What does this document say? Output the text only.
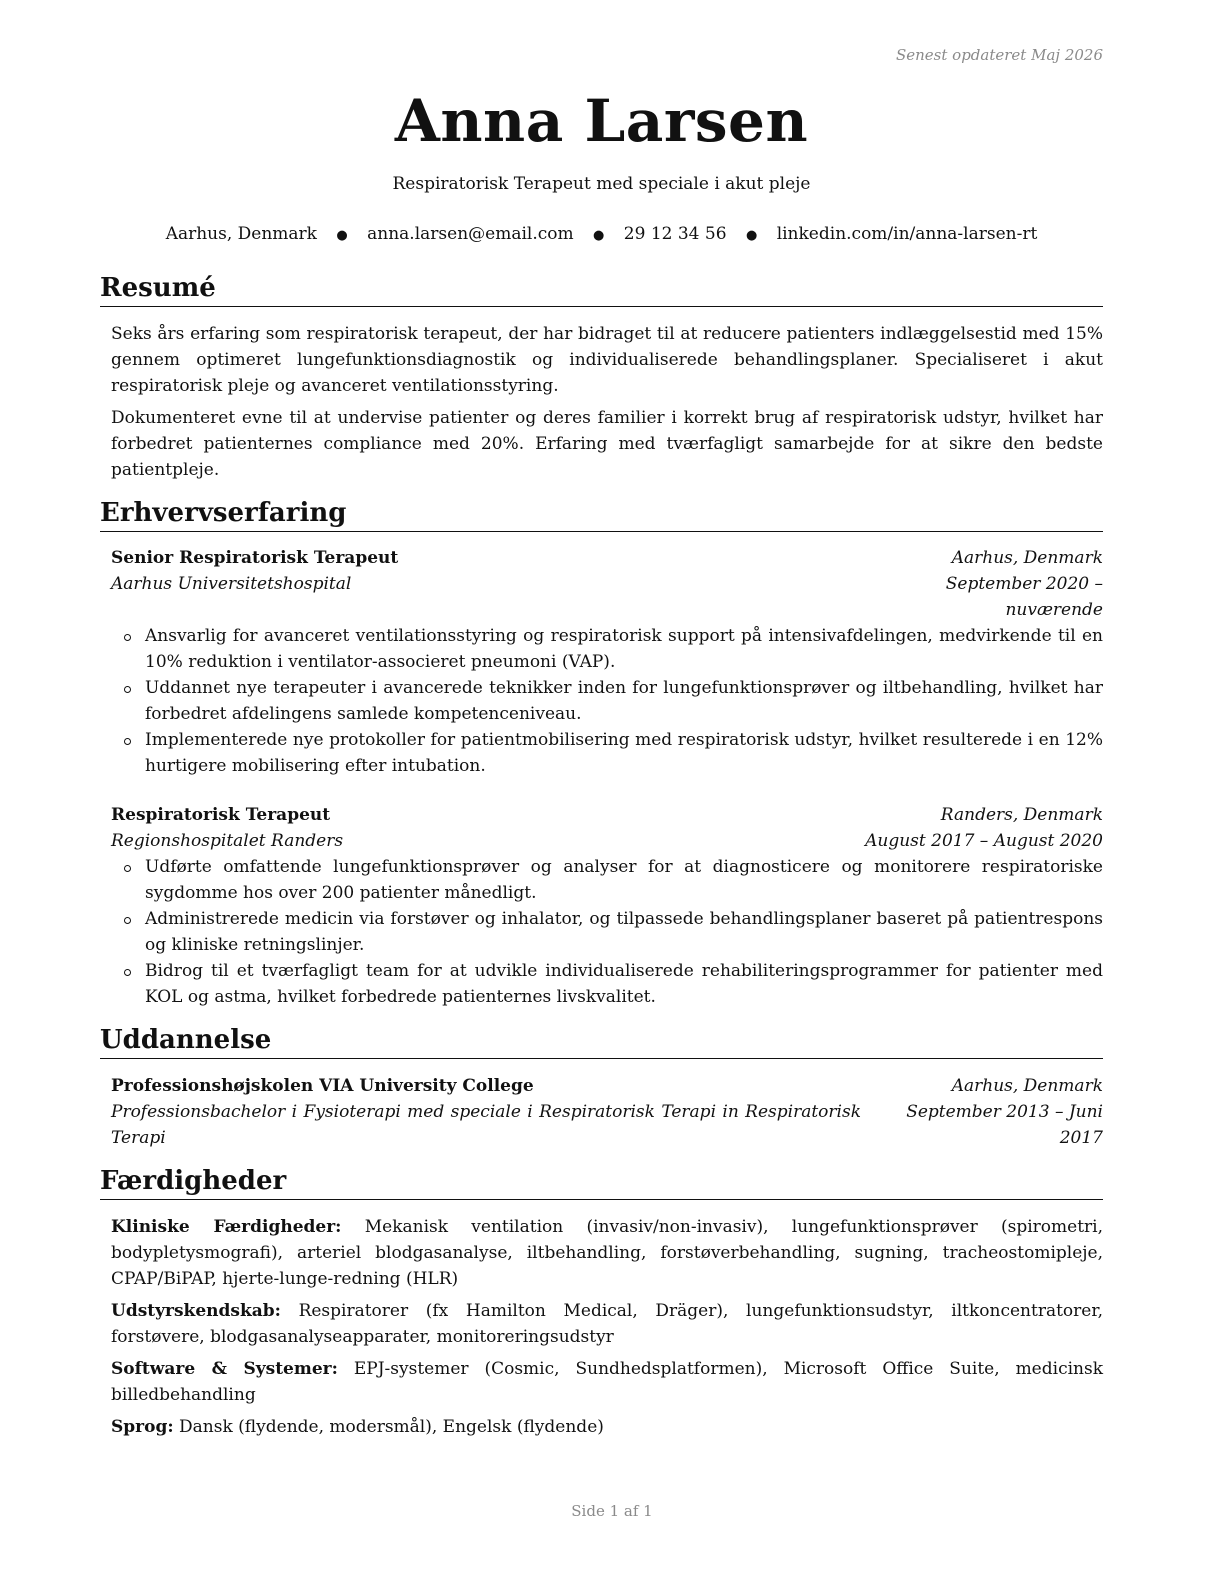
Senest opdateret Maj 2026
Anna Larsen
Respiratorisk Terapeut med speciale i akut pleje
Aarhus, Denmark ● anna.larsen@email.com ● 29 12 34 56 ● linkedin.com/in/anna-larsen-rt
Resumé

Seks års erfaring som respiratorisk terapeut, der har bidraget til at reducere patienters indlæggelsestid med 15% gennem optimeret lungefunktionsdiagnostik og individualiserede behandlingsplaner. Specialiseret i akut respiratorisk pleje og avanceret ventilationsstyring.

Dokumenteret evne til at undervise patienter og deres familier i korrekt brug af respiratorisk udstyr, hvilket har forbedret patienternes compliance med 20%. Erfaring med tværfagligt samarbejde for at sikre den bedste patientpleje.

Erhvervserfaring
Senior Respiratorisk Terapeut	Aarhus, Denmark
Aarhus Universitetshospital	September 2020 – nuværende
Ansvarlig for avanceret ventilationsstyring og respiratorisk support på intensivafdelingen, medvirkende til en 10% reduktion i ventilator-associeret pneumoni (VAP).
Uddannet nye terapeuter i avancerede teknikker inden for lungefunktionsprøver og iltbehandling, hvilket har forbedret afdelingens samlede kompetenceniveau.
Implementerede nye protokoller for patientmobilisering med respiratorisk udstyr, hvilket resulterede i en 12% hurtigere mobilisering efter intubation.
Respiratorisk Terapeut	Randers, Denmark
Regionshospitalet Randers	August 2017 – August 2020
Udførte omfattende lungefunktionsprøver og analyser for at diagnosticere og monitorere respiratoriske sygdomme hos over 200 patienter månedligt.
Administrerede medicin via forstøver og inhalator, og tilpassede behandlingsplaner baseret på patientrespons og kliniske retningslinjer.
Bidrog til et tværfagligt team for at udvikle individualiserede rehabiliteringsprogrammer for patienter med KOL og astma, hvilket forbedrede patienternes livskvalitet.
Uddannelse
Professionshøjskolen VIA University College	Aarhus, Denmark
Professionsbachelor i Fysioterapi med speciale i Respiratorisk Terapi in Respiratorisk Terapi
September 2013 – Juni 2017
Færdigheder
Kliniske Færdigheder: Mekanisk ventilation (invasiv/non-invasiv), lungefunktionsprøver (spirometri, bodypletysmografi), arteriel blodgasanalyse, iltbehandling, forstøverbehandling, sugning, tracheostomipleje, CPAP/BiPAP, hjerte-lunge-redning (HLR)
Udstyrskendskab: Respiratorer (fx Hamilton Medical, Dräger), lungefunktionsudstyr, iltkoncentratorer, forstøvere, blodgasanalyseapparater, monitoreringsudstyr
Software & Systemer: EPJ-systemer (Cosmic, Sundhedsplatformen), Microsoft Office Suite, medicinsk billedbehandling
Sprog: Dansk (flydende, modersmål), Engelsk (flydende)
Side 1 af 1
